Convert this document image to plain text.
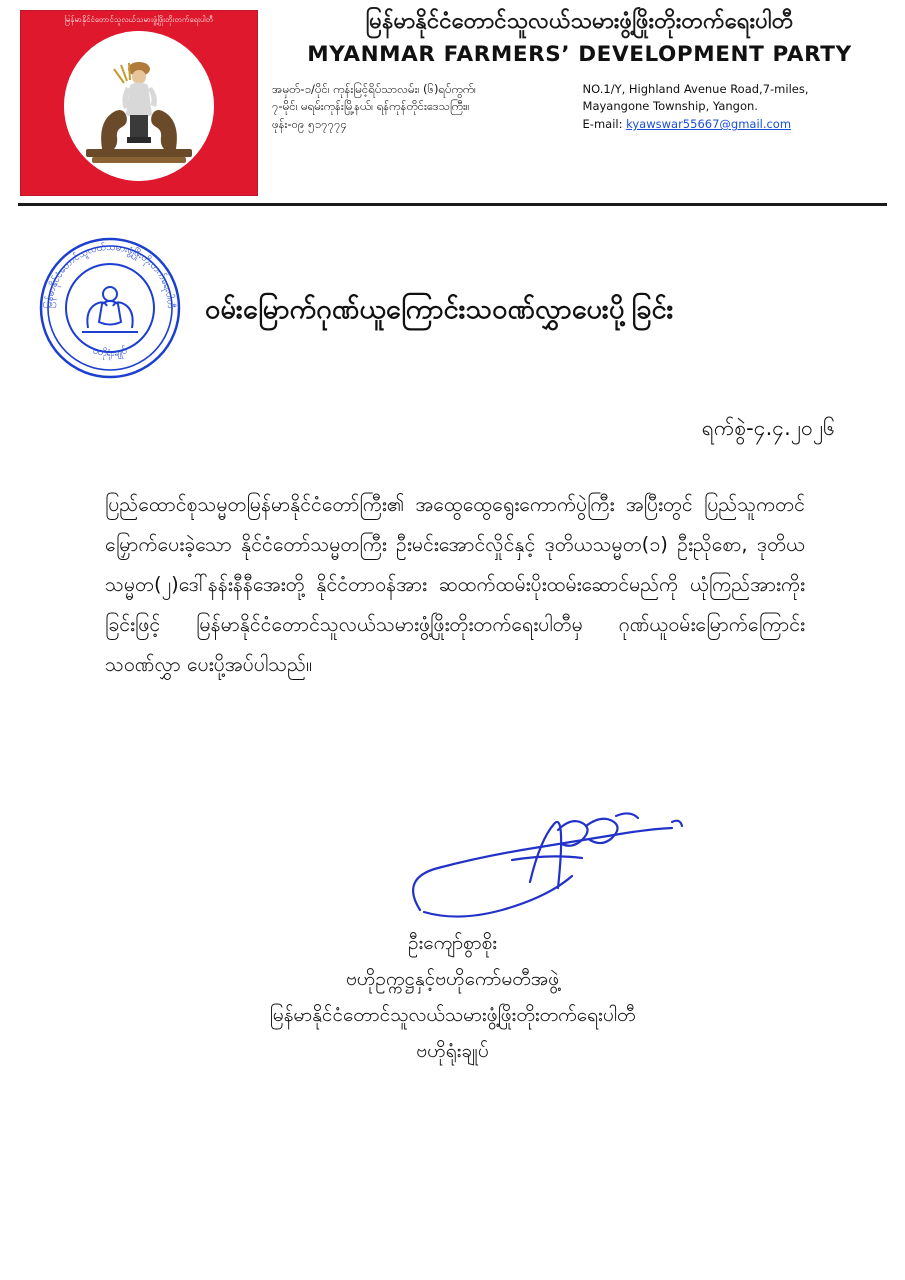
မြန်မာနိုင်ငံတောင်သူလယ်သမားဖွံ့ဖြိုးတိုးတက်ရေးပါတီ	မြန်မာနိုင်ငံတောင်သူလယ်သမားဖွံ့ဖြိုးတိုးတက်ရေးပါတီ
MYANMAR FARMERS’ DEVELOPMENT PARTY
အမှတ်-၁/ပိုင်၊ ကုန်းမြင့်ရိပ်သာလမ်း၊ (၆)ရပ်ကွက်၊	NO.1/Y, Highland Avenue Road,7-miles,
၇-မိုင်၊ မရမ်းကုန်းမြို့နယ်၊ ရန်ကုန်တိုင်းဒေသကြီး။	Mayangone Township, Yangon.
ဖုန်း-၀၉ ၅၁၇၇၇၄	E-mail: kyawswar55667@gmail.com
မြန်မာနိုင်ငံတောင်သူလယ်သမားဖွံ့ဖြိုးတိုးတက်ရေးပါတီ
ဗဟိုရုံးချုပ်
ဝမ်းမြောက်ဂုဏ်ယူကြောင်းသဝဏ်လွှာပေးပို့ခြင်း
ရက်စွဲ-၄.၄.၂၀၂၆

ပြည်ထောင်စုသမ္မတမြန်မာနိုင်ငံတော်ကြီး၏ အထွေထွေရွေးကောက်ပွဲကြီး အပြီးတွင် ပြည်သူကတင်မြှောက်ပေးခဲ့သော နိုင်ငံတော်သမ္မတကြီး ဦးမင်းအောင်လှိုင်နှင့် ဒုတိယသမ္မတ(၁) ဦးညိုစော, ဒုတိယသမ္မတ(၂)ဒေါ်နန်းနီနီအေးတို့ နိုင်ငံတာဝန်အား ဆထက်ထမ်းပိုးထမ်းဆောင်မည်ကို ယုံကြည်အားကိုးခြင်းဖြင့် မြန်မာနိုင်ငံတောင်သူလယ်သမားဖွံ့ဖြိုးတိုးတက်ရေးပါတီမှ ဂုဏ်ယူဝမ်းမြောက်ကြောင်း သဝဏ်လွှာ ပေးပို့အပ်ပါသည်။

ဦးကျော်စွာစိုး
ဗဟိုဥက္ကဋ္ဌနှင့်ဗဟိုကော်မတီအဖွဲ့
မြန်မာနိုင်ငံတောင်သူလယ်သမားဖွံ့ဖြိုးတိုးတက်ရေးပါတီ
ဗဟိုရုံးချုပ်
